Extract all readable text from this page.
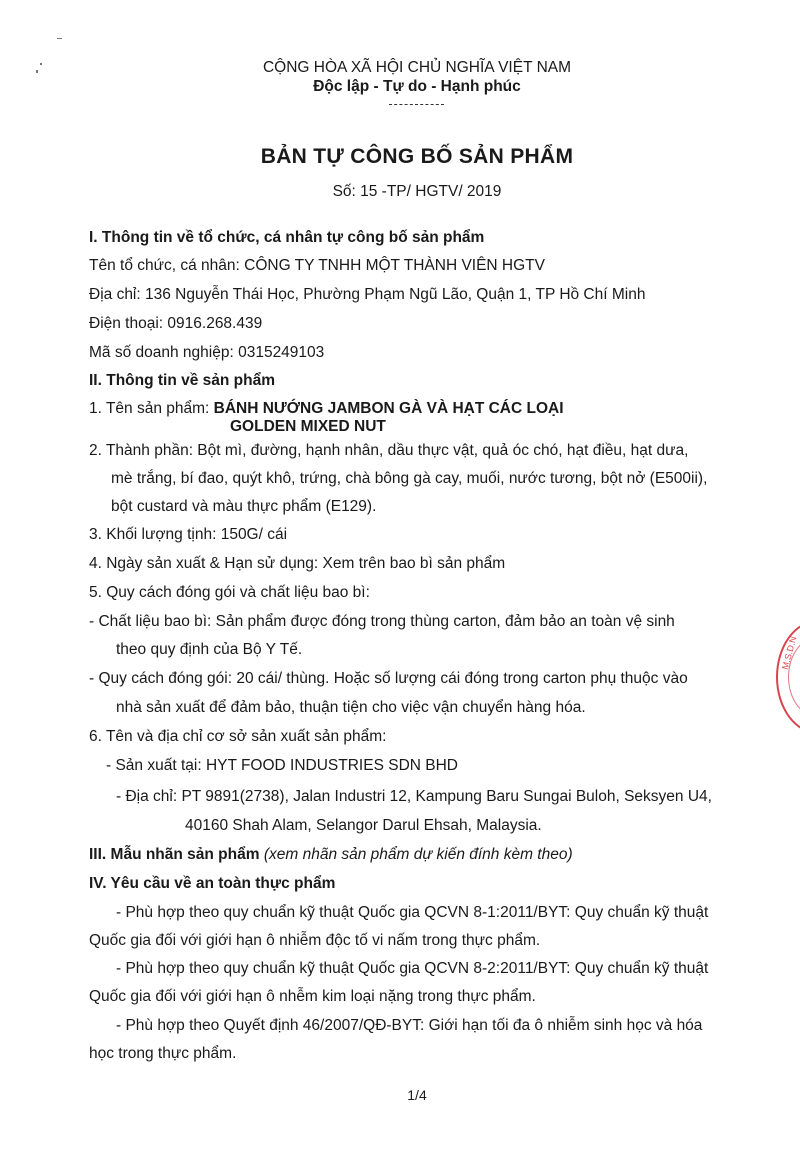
CỘNG HÒA XÃ HỘI CHỦ NGHĨA VIỆT NAM
Độc lập - Tự do - Hạnh phúc
BẢN TỰ CÔNG BỐ SẢN PHẨM
Số: 15 -TP/ HGTV/ 2019
I. Thông tin về tổ chức, cá nhân tự công bố sản phẩm
Tên tổ chức, cá nhân: CÔNG TY TNHH MỘT THÀNH VIÊN HGTV
Địa chỉ: 136 Nguyễn Thái Học, Phường Phạm Ngũ Lão, Quận 1, TP Hồ Chí Minh
Điện thoại: 0916.268.439
Mã số doanh nghiệp: 0315249103
II. Thông tin về sản phẩm
1. Tên sản phẩm: BÁNH NƯỚNG JAMBON GÀ VÀ HẠT CÁC LOẠI
GOLDEN MIXED NUT
2. Thành phần: Bột mì, đường, hạnh nhân, dầu thực vật, quả óc chó, hạt điều, hạt dưa,
mè trắng, bí đao, quýt khô, trứng, chà bông gà cay, muối, nước tương, bột nở (E500ii),
bột custard và màu thực phẩm (E129).
3. Khối lượng tịnh: 150G/ cái
4. Ngày sản xuất & Hạn sử dụng: Xem trên bao bì sản phẩm
5. Quy cách đóng gói và chất liệu bao bì:
- Chất liệu bao bì: Sản phẩm được đóng trong thùng carton, đảm bảo an toàn vệ sinh
theo quy định của Bộ Y Tế.
- Quy cách đóng gói: 20 cái/ thùng. Hoặc số lượng cái đóng trong carton phụ thuộc vào
nhà sản xuất để đảm bảo, thuận tiện cho việc vận chuyển hàng hóa.
6. Tên và địa chỉ cơ sở sản xuất sản phẩm:
- Sản xuất tại: HYT FOOD INDUSTRIES SDN BHD
- Địa chỉ: PT 9891(2738), Jalan Industri 12, Kampung Baru Sungai Buloh, Seksyen U4,
40160 Shah Alam, Selangor Darul Ehsah, Malaysia.
III. Mẫu nhãn sản phẩm (xem nhãn sản phẩm dự kiến đính kèm theo)
IV. Yêu cầu về an toàn thực phẩm
- Phù hợp theo quy chuẩn kỹ thuật Quốc gia QCVN 8-1:2011/BYT: Quy chuẩn kỹ thuật
Quốc gia đối với giới hạn ô nhiễm độc tố vi nấm trong thực phẩm.
- Phù hợp theo quy chuẩn kỹ thuật Quốc gia QCVN 8-2:2011/BYT: Quy chuẩn kỹ thuật
Quốc gia đối với giới hạn ô nhễm kim loại nặng trong thực phẩm.
- Phù hợp theo Quyết định 46/2007/QĐ-BYT: Giới hạn tối đa ô nhiễm sinh học và hóa
học trong thực phẩm.
1/4
M.S.D.N
